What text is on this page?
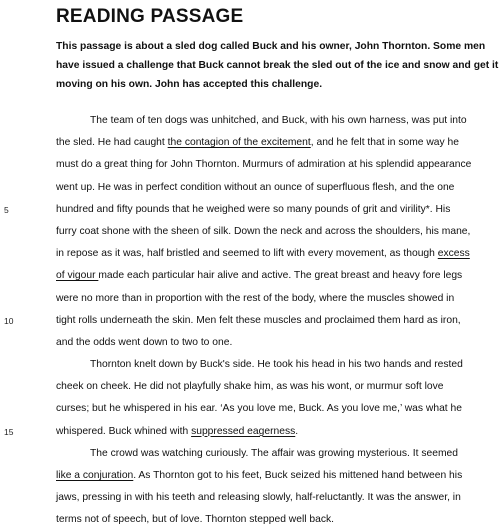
READING PASSAGE

This passage is about a sled dog called Buck and his owner, John Thornton. Some men
have issued a challenge that Buck cannot break the sled out of the ice and snow and get it
moving on his own. John has accepted this challenge.

The team of ten dogs was unhitched, and Buck, with his own harness, was put into
the sled. He had caught the contagion of the excitement, and he felt that in some way he
must do a great thing for John Thornton. Murmurs of admiration at his splendid appearance
went up. He was in perfect condition without an ounce of superfluous flesh, and the one
5	hundred and fifty pounds that he weighed were so many pounds of grit and virility*. His
furry coat shone with the sheen of silk. Down the neck and across the shoulders, his mane,
in repose as it was, half bristled and seemed to lift with every movement, as though excess
of vigour made each particular hair alive and active. The great breast and heavy fore legs
were no more than in proportion with the rest of the body, where the muscles showed in
10	tight rolls underneath the skin. Men felt these muscles and proclaimed them hard as iron,
and the odds went down to two to one.
Thornton knelt down by Buck's side. He took his head in his two hands and rested
cheek on cheek. He did not playfully shake him, as was his wont, or murmur soft love
curses; but he whispered in his ear. ‘As you love me, Buck. As you love me,’ was what he
15	whispered. Buck whined with suppressed eagerness.
The crowd was watching curiously. The affair was growing mysterious. It seemed
like a conjuration. As Thornton got to his feet, Buck seized his mittened hand between his
jaws, pressing in with his teeth and releasing slowly, half-reluctantly. It was the answer, in
terms not of speech, but of love. Thornton stepped well back.
